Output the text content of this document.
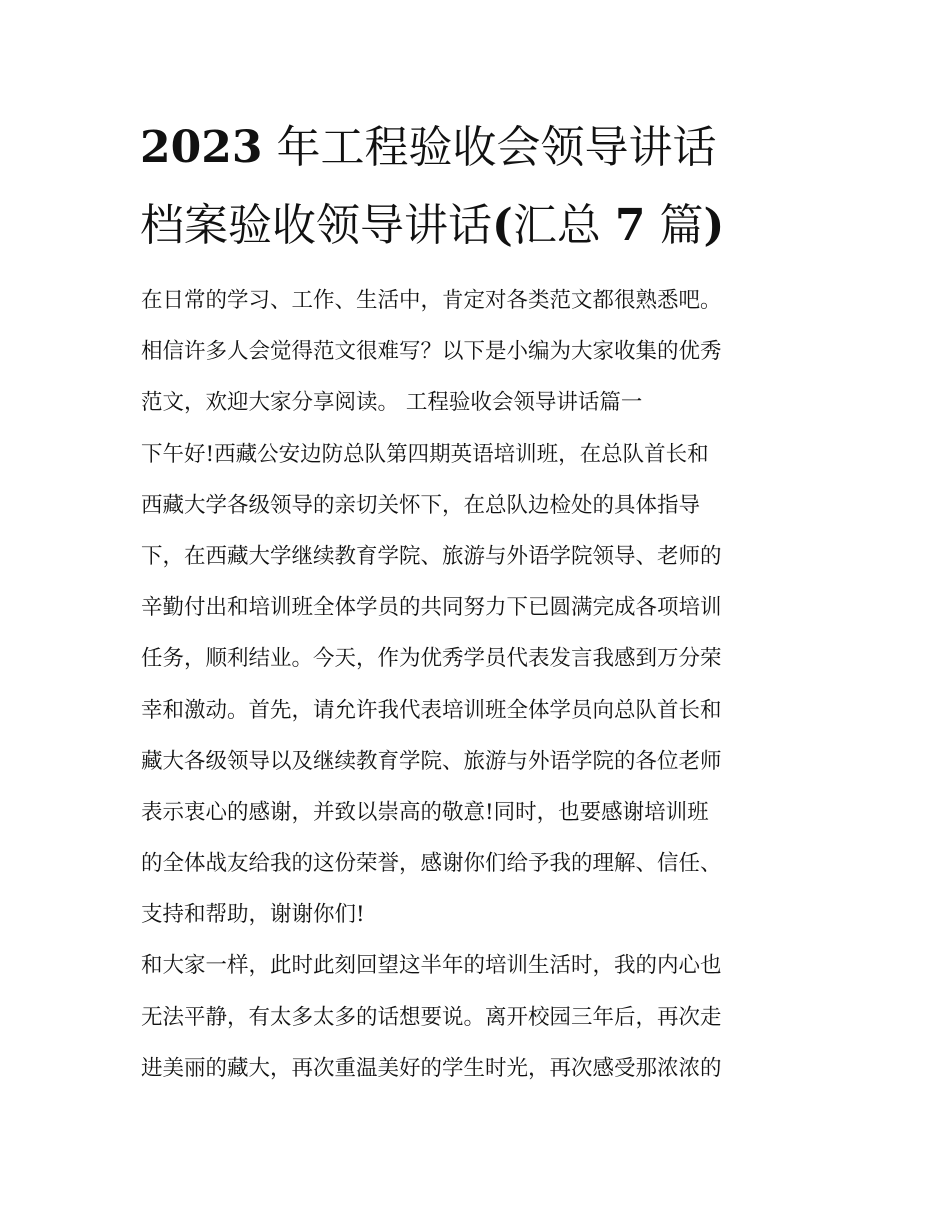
2023 年工程验收会领导讲话
档案验收领导讲话(汇总 7 篇)
在日常的学习、工作、生活中，肯定对各类范文都很熟悉吧。
相信许多人会觉得范文很难写？以下是小编为大家收集的优秀
范文，欢迎大家分享阅读。 工程验收会领导讲话篇一
下午好!西藏公安边防总队第四期英语培训班，在总队首长和
西藏大学各级领导的亲切关怀下，在总队边检处的具体指导
下，在西藏大学继续教育学院、旅游与外语学院领导、老师的
辛勤付出和培训班全体学员的共同努力下已圆满完成各项培训
任务，顺利结业。今天，作为优秀学员代表发言我感到万分荣
幸和激动。首先，请允许我代表培训班全体学员向总队首长和
藏大各级领导以及继续教育学院、旅游与外语学院的各位老师
表示衷心的感谢，并致以崇高的敬意!同时，也要感谢培训班
的全体战友给我的这份荣誉，感谢你们给予我的理解、信任、
支持和帮助，谢谢你们!
和大家一样，此时此刻回望这半年的培训生活时，我的内心也
无法平静，有太多太多的话想要说。离开校园三年后，再次走
进美丽的藏大，再次重温美好的学生时光，再次感受那浓浓的
